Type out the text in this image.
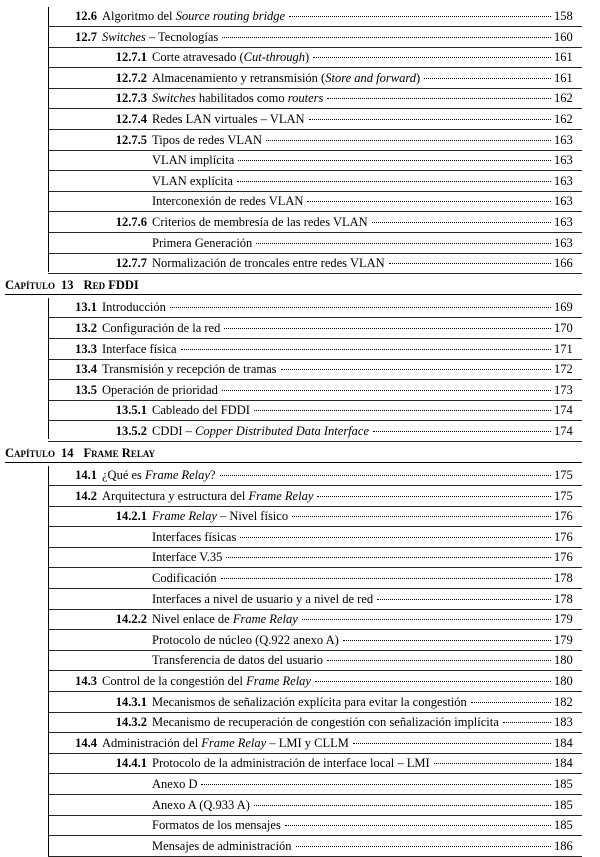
12.6 Algoritmo del Source routing bridge	158
12.7 Switches – Tecnologías	160
12.7.1 Corte atravesado (Cut-through)	161
12.7.2 Almacenamiento y retransmisión (Store and forward)	161
12.7.3 Switches habilitados como routers	162
12.7.4 Redes LAN virtuales – VLAN	162
12.7.5 Tipos de redes VLAN	163
VLAN implícita	163
VLAN explícita	163
Interconexión de redes VLAN	163
12.7.6 Criterios de membresía de las redes VLAN	163
Primera Generación	163
12.7.7 Normalización de troncales entre redes VLAN	166
Capítulo 13 Red FDDI
13.1 Introducción	169
13.2 Configuración de la red	170
13.3 Interface física	171
13.4 Transmisión y recepción de tramas	172
13.5 Operación de prioridad	173
13.5.1 Cableado del FDDI	174
13.5.2 CDDI – Copper Distributed Data Interface	174
Capítulo 14 Frame Relay
14.1 ¿Qué es Frame Relay?	175
14.2 Arquitectura y estructura del Frame Relay	175
14.2.1 Frame Relay – Nivel físico	176
Interfaces físicas	176
Interface V.35	176
Codificación	178
Interfaces a nivel de usuario y a nivel de red	178
14.2.2 Nivel enlace de Frame Relay	179
Protocolo de núcleo (Q.922 anexo A)	179
Transferencia de datos del usuario	180
14.3 Control de la congestión del Frame Relay	180
14.3.1 Mecanismos de señalización explícita para evitar la congestión	182
14.3.2 Mecanismo de recuperación de congestión con señalización implícita	183
14.4 Administración del Frame Relay – LMI y CLLM	184
14.4.1 Protocolo de la administración de interface local – LMI	184
Anexo D	185
Anexo A (Q.933 A)	185
Formatos de los mensajes	185
Mensajes de administración	186
